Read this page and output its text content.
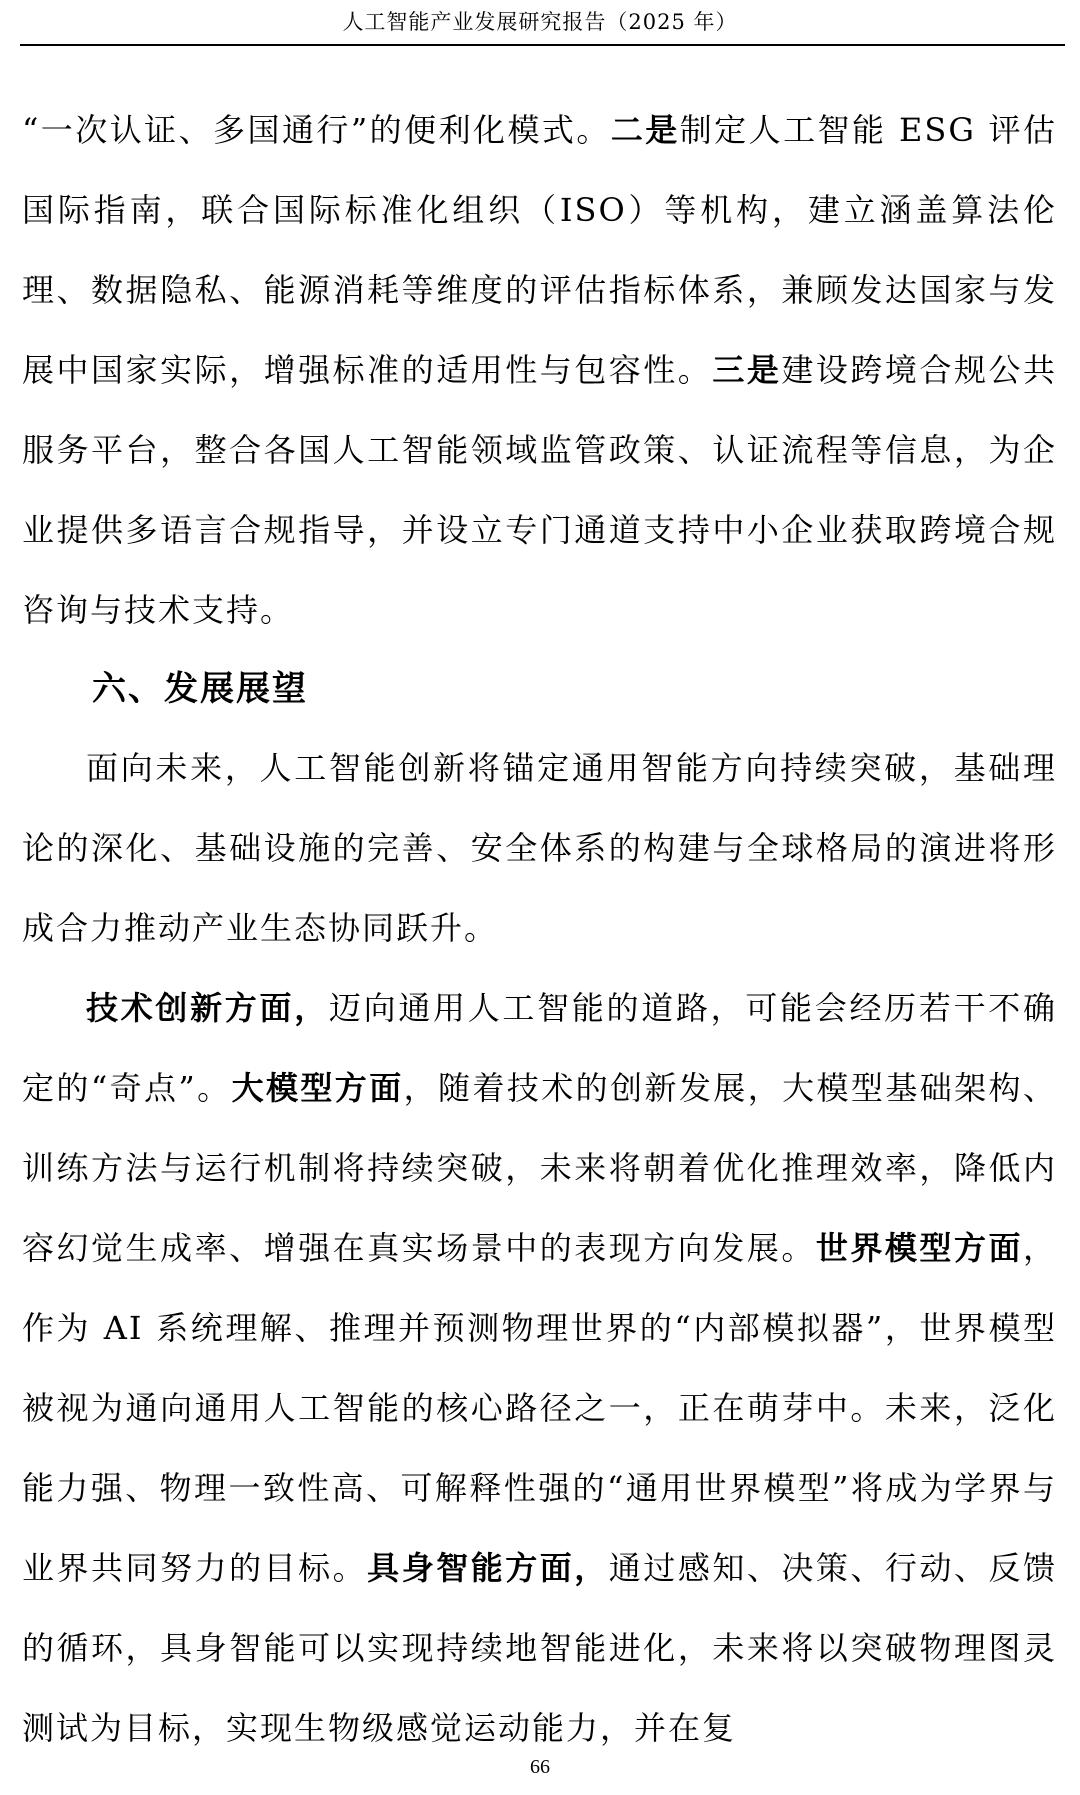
人工智能产业发展研究报告（2025 年）

“一次认证、多国通行”的便利化模式。二是制定人工智能 ESG 评估国际指南，联合国际标准化组织（ISO）等机构，建立涵盖算法伦理、数据隐私、能源消耗等维度的评估指标体系，兼顾发达国家与发展中国家实际，增强标准的适用性与包容性。三是建设跨境合规公共服务平台，整合各国人工智能领域监管政策、认证流程等信息，为企业提供多语言合规指导，并设立专门通道支持中小企业获取跨境合规咨询与技术支持。

六、发展展望

面向未来，人工智能创新将锚定通用智能方向持续突破，基础理论的深化、基础设施的完善、安全体系的构建与全球格局的演进将形成合力推动产业生态协同跃升。

技术创新方面，迈向通用人工智能的道路，可能会经历若干不确定的“奇点”。大模型方面，随着技术的创新发展，大模型基础架构、训练方法与运行机制将持续突破，未来将朝着优化推理效率，降低内容幻觉生成率、增强在真实场景中的表现方向发展。世界模型方面，作为 AI 系统理解、推理并预测物理世界的“内部模拟器”，世界模型被视为通向通用人工智能的核心路径之一，正在萌芽中。未来，泛化能力强、物理一致性高、可解释性强的“通用世界模型”将成为学界与业界共同努力的目标。具身智能方面，通过感知、决策、行动、反馈的循环，具身智能可以实现持续地智能进化，未来将以突破物理图灵测试为目标，实现生物级感觉运动能力，并在复

66
